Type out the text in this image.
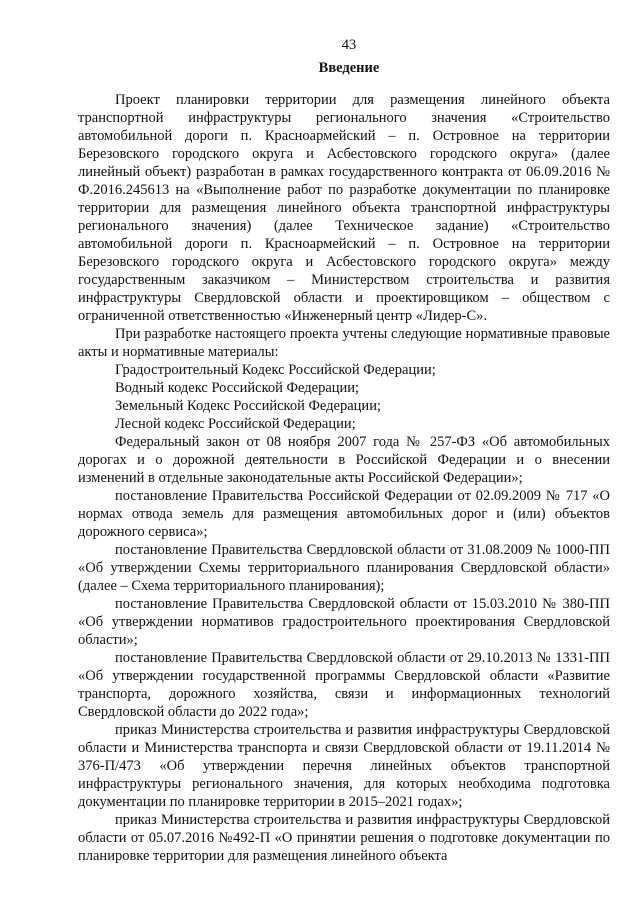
43
Введение

Проект планировки территории для размещения линейного объекта транспортной инфраструктуры регионального значения «Строительство автомобильной дороги п. Красноармейский – п. Островное на территории Березовского городского округа и Асбестовского городского округа» (далее линейный объект) разработан в рамках государственного контракта от 06.09.2016 № Ф.2016.245613 на «Выполнение работ по разработке документации по планировке территории для размещения линейного объекта транспортной инфраструктуры регионального значения) (далее Техническое задание) «Строительство автомобильной дороги п. Красноармейский – п. Островное на территории Березовского городского округа и Асбестовского городского округа» между государственным заказчиком – Министерством строительства и развития инфраструктуры Свердловской области и проектировщиком – обществом с ограниченной ответственностью «Инженерный центр «Лидер-С».

При разработке настоящего проекта учтены следующие нормативные правовые акты и нормативные материалы:

Градостроительный Кодекс Российской Федерации;

Водный кодекс Российской Федерации;

Земельный Кодекс Российской Федерации;

Лесной кодекс Российской Федерации;

Федеральный закон от 08 ноября 2007 года № 257-ФЗ «Об автомобильных дорогах и о дорожной деятельности в Российской Федерации и о внесении изменений в отдельные законодательные акты Российской Федерации»;

постановление Правительства Российской Федерации от 02.09.2009 № 717 «О нормах отвода земель для размещения автомобильных дорог и (или) объектов дорожного сервиса»;

постановление Правительства Свердловской области от 31.08.2009 № 1000-ПП «Об утверждении Схемы территориального планирования Свердловской области» (далее – Схема территориального планирования);

постановление Правительства Свердловской области от 15.03.2010 № 380-ПП «Об утверждении нормативов градостроительного проектирования Свердловской области»;

постановление Правительства Свердловской области от 29.10.2013 № 1331-ПП «Об утверждении государственной программы Свердловской области «Развитие транспорта, дорожного хозяйства, связи и информационных технологий Свердловской области до 2022 года»;

приказ Министерства строительства и развития инфраструктуры Свердловской области и Министерства транспорта и связи Свердловской области от 19.11.2014 № 376-П/473 «Об утверждении перечня линейных объектов транспортной инфраструктуры регионального значения, для которых необходима подготовка документации по планировке территории в 2015–2021 годах»;

приказ Министерства строительства и развития инфраструктуры Свердловской области от 05.07.2016 №492-П «О принятии решения о подготовке документации по планировке территории для размещения линейного объекта
